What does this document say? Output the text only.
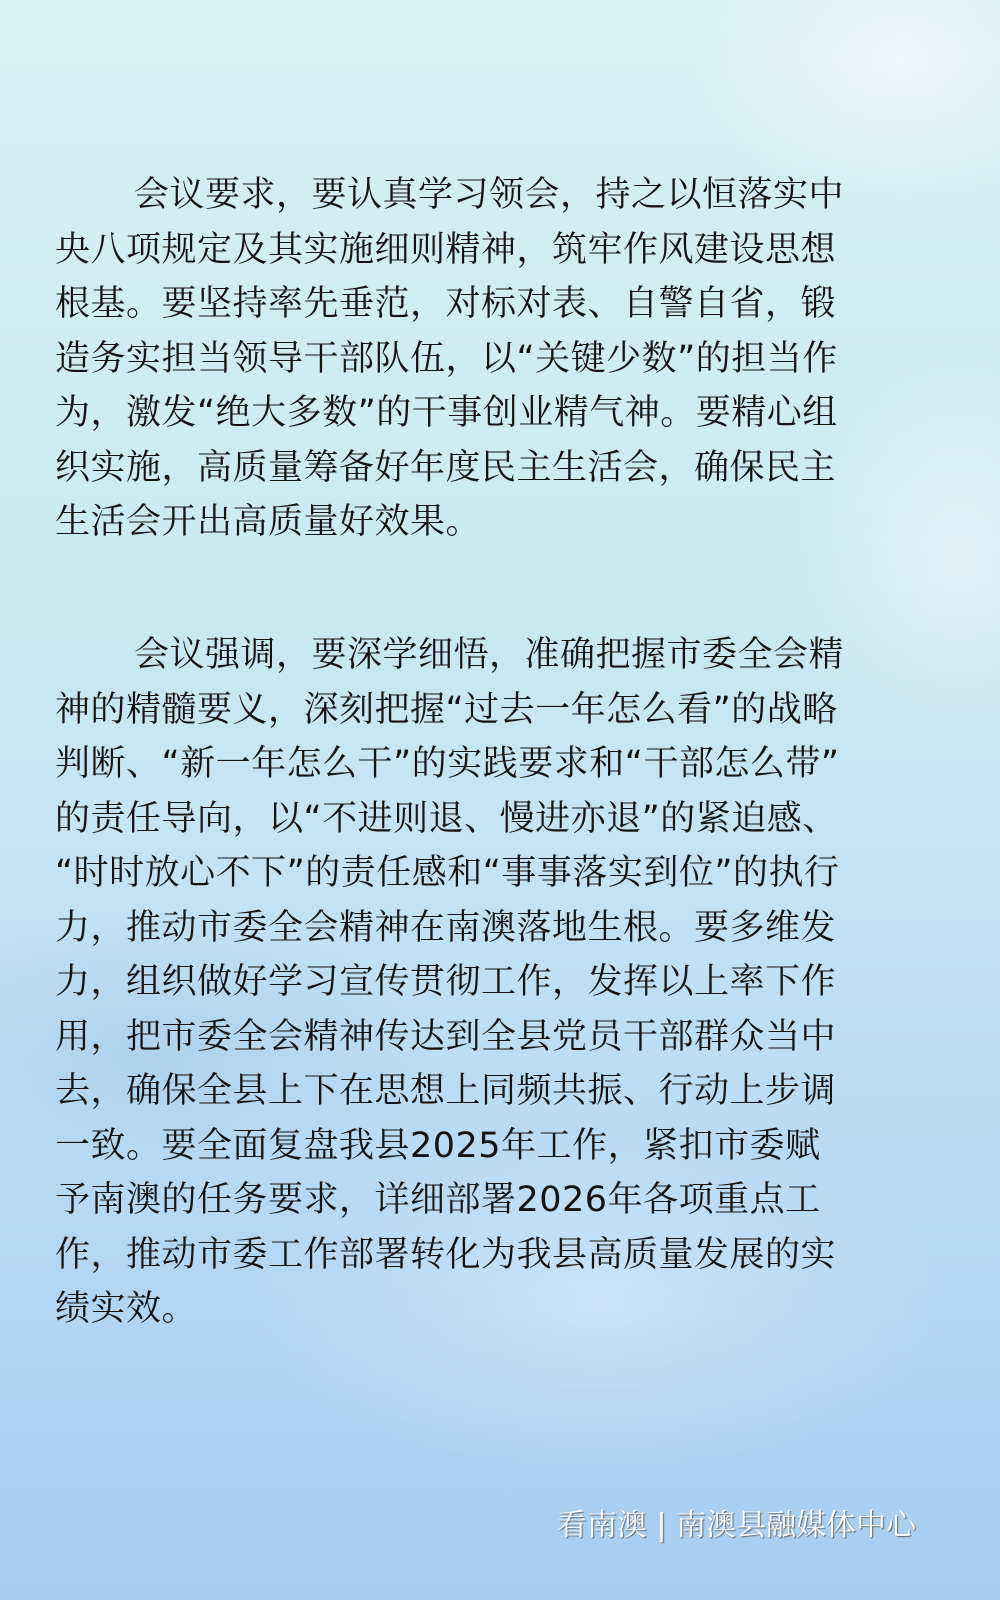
会议要求，要认真学习领会，持之以恒落实中
央八项规定及其实施细则精神，筑牢作风建设思想
根基。要坚持率先垂范，对标对表、自警自省，锻
造务实担当领导干部队伍，以“关键少数”的担当作
为，激发“绝大多数”的干事创业精气神。要精心组
织实施，高质量筹备好年度民主生活会，确保民主
生活会开出高质量好效果。
会议强调，要深学细悟，准确把握市委全会精
神的精髓要义，深刻把握“过去一年怎么看”的战略
判断、“新一年怎么干”的实践要求和“干部怎么带”
的责任导向，以“不进则退、慢进亦退”的紧迫感、
“时时放心不下”的责任感和“事事落实到位”的执行
力，推动市委全会精神在南澳落地生根。要多维发
力，组织做好学习宣传贯彻工作，发挥以上率下作
用，把市委全会精神传达到全县党员干部群众当中
去，确保全县上下在思想上同频共振、行动上步调
一致。要全面复盘我县2025年工作，紧扣市委赋
予南澳的任务要求，详细部署2026年各项重点工
作，推动市委工作部署转化为我县高质量发展的实
绩实效。
看南澳 | 南澳县融媒体中心
